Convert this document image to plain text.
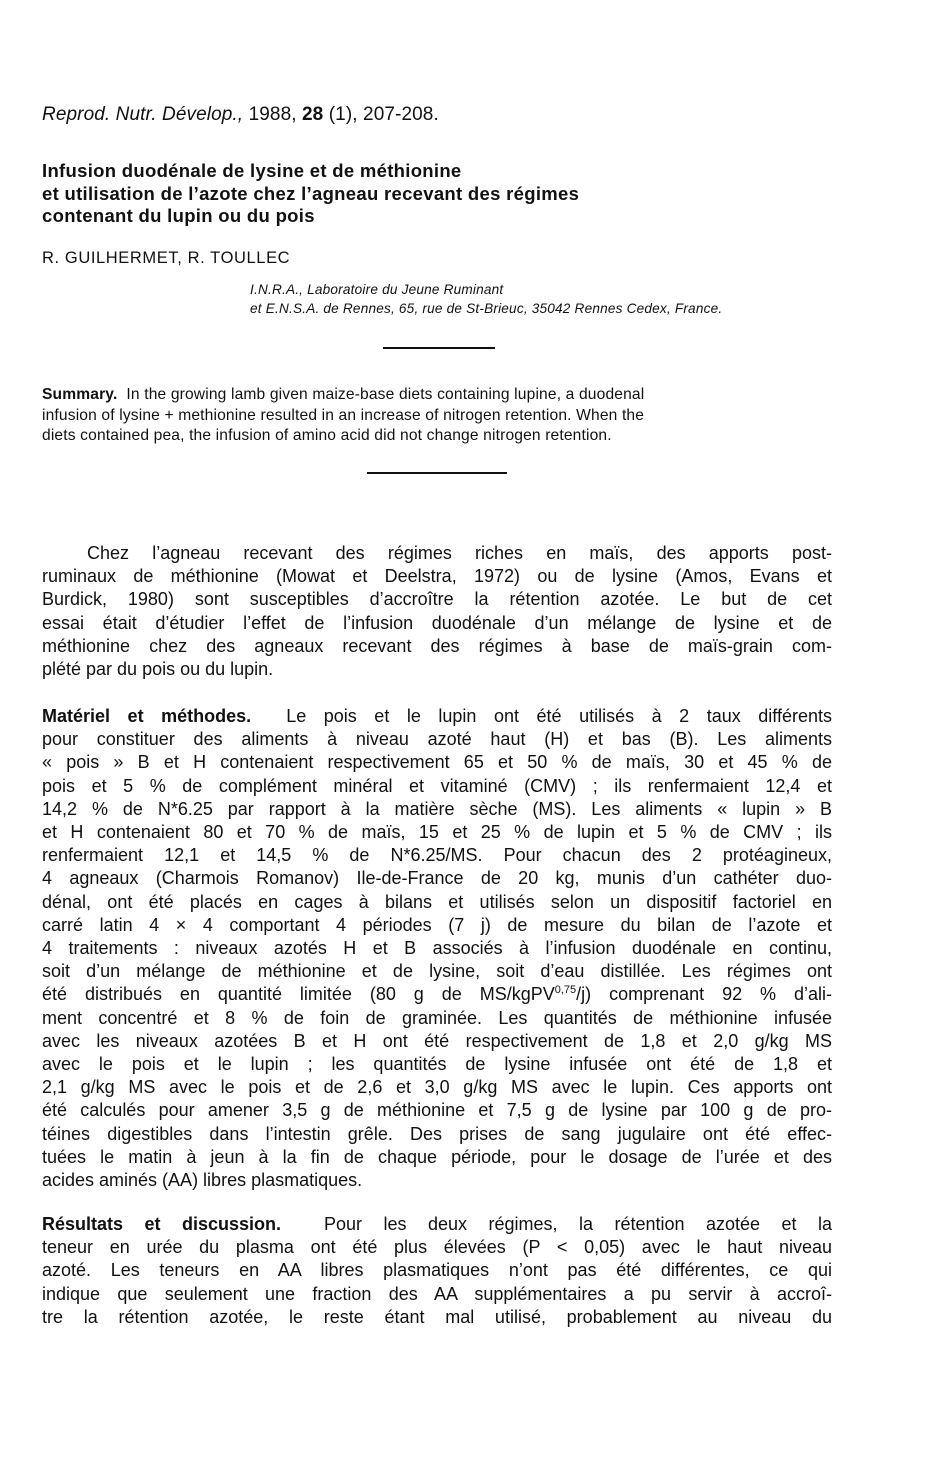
Reprod. Nutr. Dévelop., 1988, 28 (1), 207-208.
Infusion duodénale de lysine et de méthionine
et utilisation de l’azote chez l’agneau recevant des régimes
contenant du lupin ou du pois
R. GUILHERMET, R. TOULLEC
I.N.R.A., Laboratoire du Jeune Ruminant
et E.N.S.A. de Rennes, 65, rue de St-Brieuc, 35042 Rennes Cedex, France.
Summary. In the growing lamb given maize-base diets containing lupine, a duodenal
infusion of lysine + methionine resulted in an increase of nitrogen retention. When the
diets contained pea, the infusion of amino acid did not change nitrogen retention.
Chez l’agneau recevant des régimes riches en maïs, des apports post-
ruminaux de méthionine (Mowat et Deelstra, 1972) ou de lysine (Amos, Evans et
Burdick, 1980) sont susceptibles d’accroître la rétention azotée. Le but de cet
essai était d’étudier l’effet de l’infusion duodénale d’un mélange de lysine et de
méthionine chez des agneaux recevant des régimes à base de maïs-grain com-
plété par du pois ou du lupin.
Matériel et méthodes. Le pois et le lupin ont été utilisés à 2 taux différents
pour constituer des aliments à niveau azoté haut (H) et bas (B). Les aliments
« pois » B et H contenaient respectivement 65 et 50 % de maïs, 30 et 45 % de
pois et 5 % de complément minéral et vitaminé (CMV) ; ils renfermaient 12,4 et
14,2 % de N*6.25 par rapport à la matière sèche (MS). Les aliments « lupin » B
et H contenaient 80 et 70 % de maïs, 15 et 25 % de lupin et 5 % de CMV ; ils
renfermaient 12,1 et 14,5 % de N*6.25/MS. Pour chacun des 2 protéagineux,
4 agneaux (Charmois Romanov) Ile-de-France de 20 kg, munis d’un cathéter duo-
dénal, ont été placés en cages à bilans et utilisés selon un dispositif factoriel en
carré latin 4 × 4 comportant 4 périodes (7 j) de mesure du bilan de l’azote et
4 traitements : niveaux azotés H et B associés à l’infusion duodénale en continu,
soit d’un mélange de méthionine et de lysine, soit d’eau distillée. Les régimes ont
été distribués en quantité limitée (80 g de MS/kgPV$^{0,75}$/j) comprenant 92 % d’ali-
ment concentré et 8 % de foin de graminée. Les quantités de méthionine infusée
avec les niveaux azotées B et H ont été respectivement de 1,8 et 2,0 g/kg MS
avec le pois et le lupin ; les quantités de lysine infusée ont été de 1,8 et
2,1 g/kg MS avec le pois et de 2,6 et 3,0 g/kg MS avec le lupin. Ces apports ont
été calculés pour amener 3,5 g de méthionine et 7,5 g de lysine par 100 g de pro-
téines digestibles dans l’intestin grêle. Des prises de sang jugulaire ont été effec-
tuées le matin à jeun à la fin de chaque période, pour le dosage de l’urée et des
acides aminés (AA) libres plasmatiques.
Résultats et discussion. Pour les deux régimes, la rétention azotée et la
teneur en urée du plasma ont été plus élevées (P < 0,05) avec le haut niveau
azoté. Les teneurs en AA libres plasmatiques n’ont pas été différentes, ce qui
indique que seulement une fraction des AA supplémentaires a pu servir à accroî-
tre la rétention azotée, le reste étant mal utilisé, probablement au niveau du
